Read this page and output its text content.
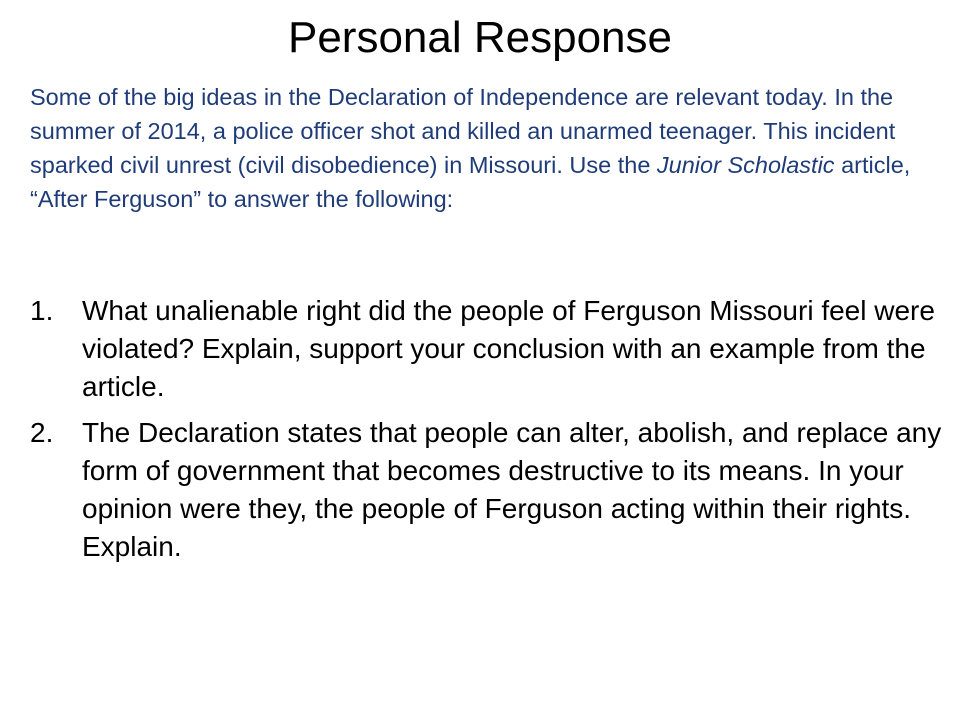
Personal Response
Some of the big ideas in the Declaration of Independence are relevant today. In the summer of 2014, a police officer shot and killed an unarmed teenager. This incident sparked civil unrest (civil disobedience) in Missouri. Use the Junior Scholastic article, “After Ferguson” to answer the following:
1. What unalienable right did the people of Ferguson Missouri feel were violated? Explain, support your conclusion with an example from the article.
2. The Declaration states that people can alter, abolish, and replace any form of government that becomes destructive to its means. In your opinion were they, the people of Ferguson acting within their rights. Explain.
